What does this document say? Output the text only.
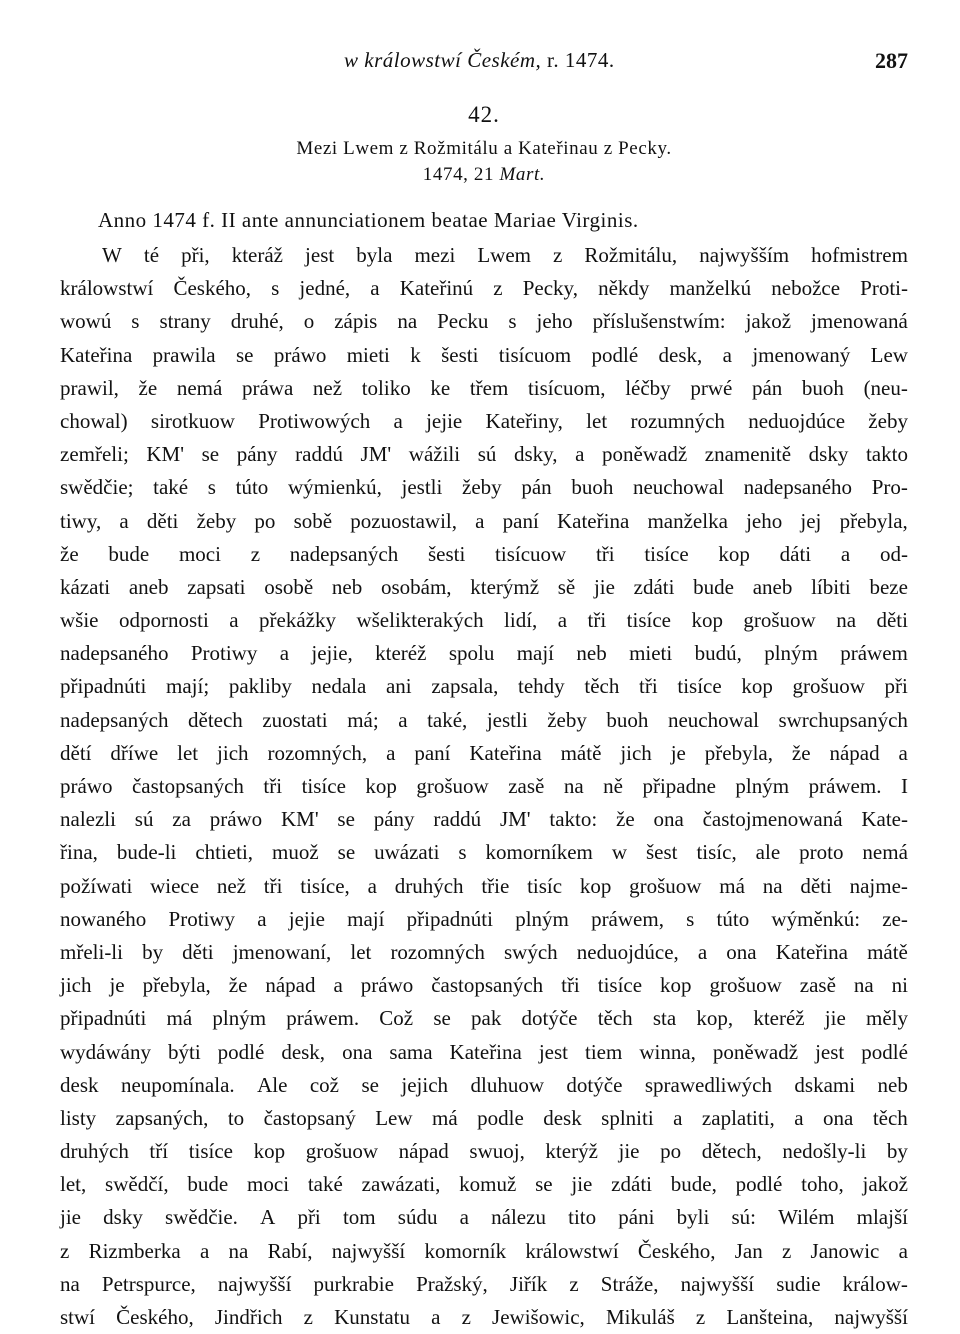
w králowstwí Českém, r. 1474.	287
42.
Mezi Lwem z Rožmitálu a Kateřinau z Pecky.
1474, 21 Mart.
Anno 1474 f. II ante annunciationem beatae Mariae Virginis.
W té při, kteráž jest byla mezi Lwem z Rožmitálu, najwyšším hofmistrem
králowstwí Českého, s jedné, a Kateřinú z Pecky, někdy manželkú nebožce Proti-
wowú s strany druhé, o zápis na Pecku s jeho příslušenstwím: jakož jmenowaná
Kateřina prawila se práwo mieti k šesti tisícuom podlé desk, a jmenowaný Lew
prawil, že nemá práwa než toliko ke třem tisícuom, léčby prwé pán buoh (neu-
chowal) sirotkuow Protiwowých a jejie Kateřiny, let rozumných neduojdúce žeby
zemřeli; KM' se pány raddú JM' wážili sú dsky, a poněwadž znamenitě dsky takto
swědčie; také s túto wýmienkú, jestli žeby pán buoh neuchowal nadepsaného Pro-
tiwy, a děti žeby po sobě pozuostawil, a paní Kateřina manželka jeho jej přebyla,
že bude moci z nadepsaných šesti tisícuow tři tisíce kop dáti a od-
kázati aneb zapsati osobě neb osobám, kterýmž sě jie zdáti bude aneb líbiti beze
wšie odpornosti a překážky wšelikterakých lidí, a tři tisíce kop grošuow na děti
nadepsaného Protiwy a jejie, kteréž spolu mají neb mieti budú, plným práwem
připadnúti mají; pakliby nedala ani zapsala, tehdy těch tři tisíce kop grošuow při
nadepsaných dětech zuostati má; a také, jestli žeby buoh neuchowal swrchupsaných
dětí dříwe let jich rozomných, a paní Kateřina mátě jich je přebyla, že nápad a
práwo častopsaných tři tisíce kop grošuow zasě na ně připadne plným práwem. I
nalezli sú za práwo KM' se pány raddú JM' takto: že ona častojmenowaná Kate-
řina, bude-li chtieti, muož se uwázati s komorníkem w šest tisíc, ale proto nemá
požíwati wiece než tři tisíce, a druhých třie tisíc kop grošuow má na děti najme-
nowaného Protiwy a jejie mají připadnúti plným práwem, s túto wýměnkú: ze-
mřeli-li by děti jmenowaní, let rozomných swých neduojdúce, a ona Kateřina mátě
jich je přebyla, že nápad a práwo častopsaných tři tisíce kop grošuow zasě na ni
připadnúti má plným práwem. Což se pak dotýče těch sta kop, kteréž jie měly
wydáwány býti podlé desk, ona sama Kateřina jest tiem winna, poněwadž jest podlé
desk neupomínala. Ale což se jejich dluhuow dotýče sprawedliwých dskami neb
listy zapsaných, to častopsaný Lew má podle desk splniti a zaplatiti, a ona těch
druhých tří tisíce kop grošuow nápad swuoj, kterýž jie po dětech, nedošly-li by
let, swědčí, bude moci také zawázati, komuž se jie zdáti bude, podlé toho, jakož
jie dsky swědčie. A při tom súdu a nálezu tito páni byli sú: Wilém mlajší
z Rizmberka a na Rabí, najwyšší komorník králowstwí Českého, Jan z Janowic a
na Petrspurce, najwyšší purkrabie Pražský, Jiřík z Stráže, najwyšší sudie králow-
stwí Českého, Jindřich z Kunstatu a z Jewišowic, Mikuláš z Lanšteina, najwyšší
